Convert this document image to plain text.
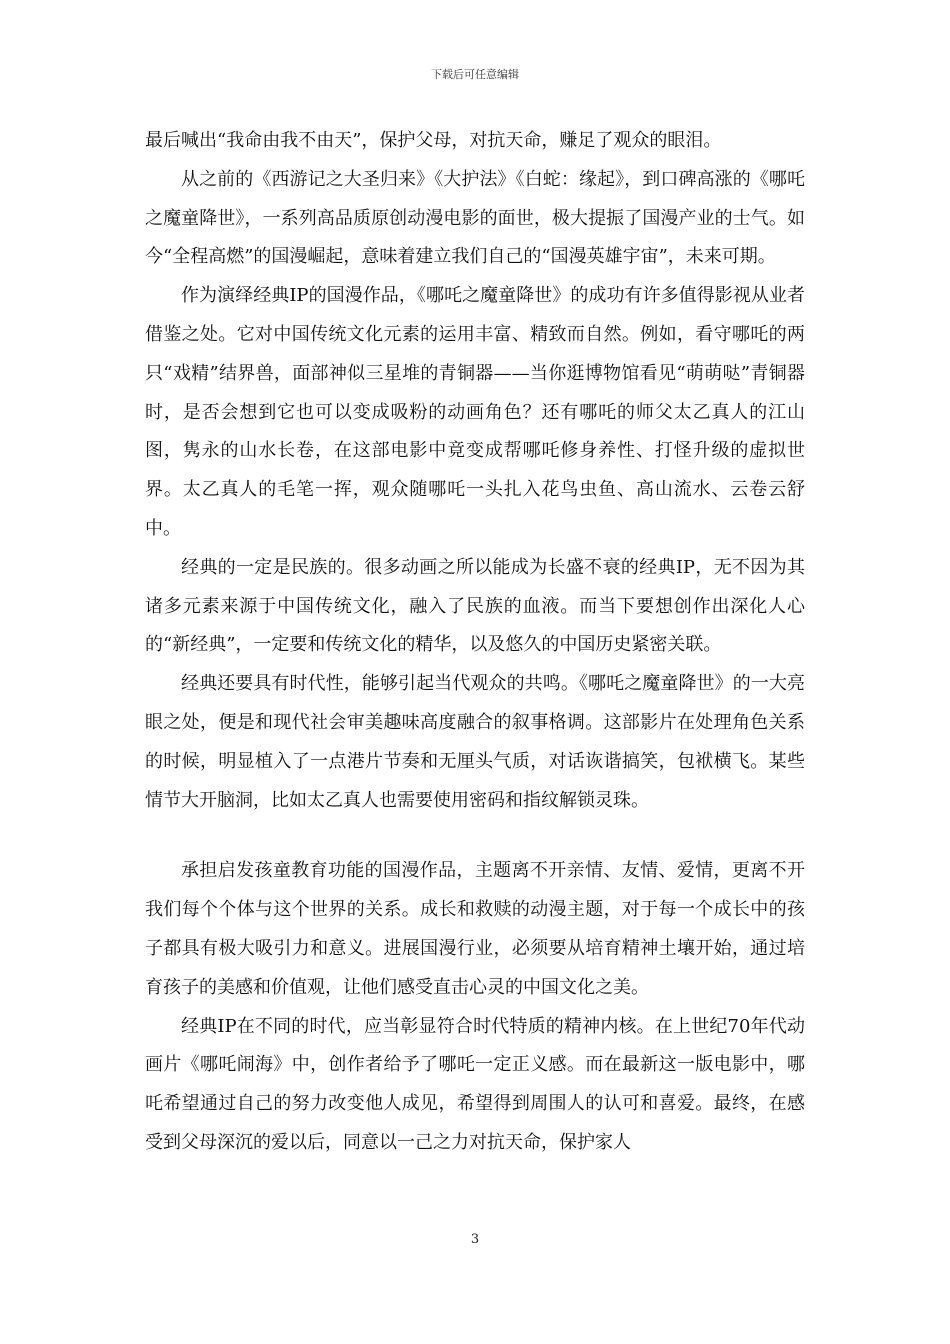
下载后可任意编辑

最后喊出“我命由我不由天”，保护父母，对抗天命，赚足了观众的眼泪。

从之前的《西游记之大圣归来》《大护法》《白蛇：缘起》，到口碑高涨的《哪吒之魔童降世》，一系列高品质原创动漫电影的面世，极大提振了国漫产业的士气。如今“全程高燃”的国漫崛起，意味着建立我们自己的“国漫英雄宇宙”，未来可期。

作为演绎经典IP的国漫作品，《哪吒之魔童降世》的成功有许多值得影视从业者借鉴之处。它对中国传统文化元素的运用丰富、精致而自然。例如，看守哪吒的两只“戏精”结界兽，面部神似三星堆的青铜器——当你逛博物馆看见“萌萌哒”青铜器时，是否会想到它也可以变成吸粉的动画角色？还有哪吒的师父太乙真人的江山图，隽永的山水长卷，在这部电影中竟变成帮哪吒修身养性、打怪升级的虚拟世界。太乙真人的毛笔一挥，观众随哪吒一头扎入花鸟虫鱼、高山流水、云卷云舒中。

经典的一定是民族的。很多动画之所以能成为长盛不衰的经典IP，无不因为其诸多元素来源于中国传统文化，融入了民族的血液。而当下要想创作出深化人心的“新经典”，一定要和传统文化的精华，以及悠久的中国历史紧密关联。

经典还要具有时代性，能够引起当代观众的共鸣。《哪吒之魔童降世》的一大亮眼之处，便是和现代社会审美趣味高度融合的叙事格调。这部影片在处理角色关系的时候，明显植入了一点港片节奏和无厘头气质，对话诙谐搞笑，包袱横飞。某些情节大开脑洞，比如太乙真人也需要使用密码和指纹解锁灵珠。

承担启发孩童教育功能的国漫作品，主题离不开亲情、友情、爱情，更离不开我们每个个体与这个世界的关系。成长和救赎的动漫主题，对于每一个成长中的孩子都具有极大吸引力和意义。进展国漫行业，必须要从培育精神土壤开始，通过培育孩子的美感和价值观，让他们感受直击心灵的中国文化之美。

经典IP在不同的时代，应当彰显符合时代特质的精神内核。在上世纪70年代动画片《哪吒闹海》中，创作者给予了哪吒一定正义感。而在最新这一版电影中，哪吒希望通过自己的努力改变他人成见，希望得到周围人的认可和喜爱。最终，在感受到父母深沉的爱以后，同意以一己之力对抗天命，保护家人

3
